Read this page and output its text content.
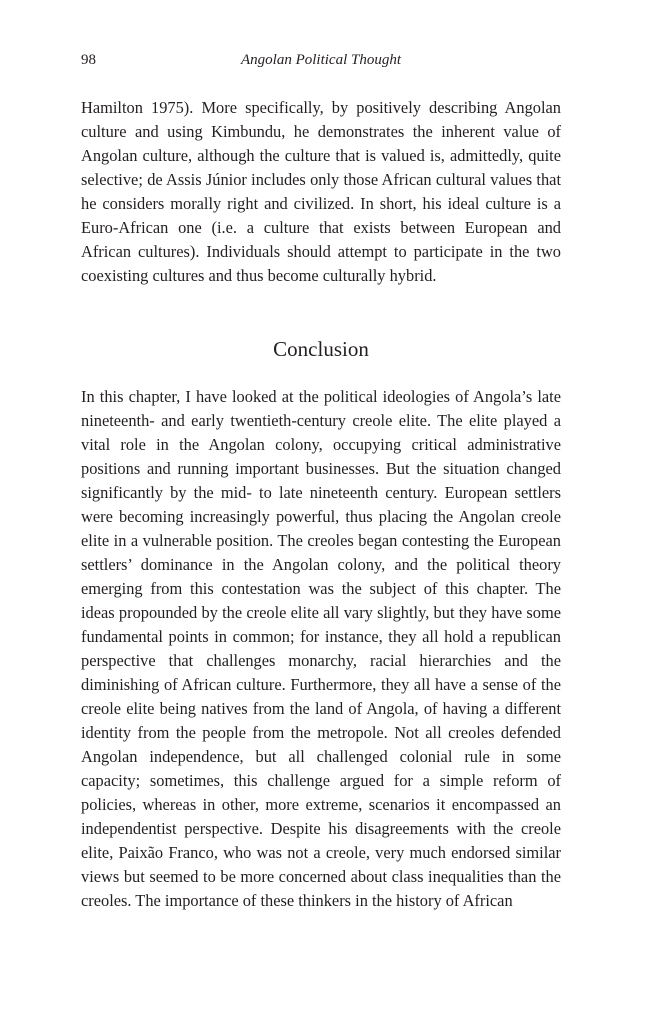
98	Angolan Political Thought

Hamilton 1975). More specifically, by positively describing Angolan culture and using Kimbundu, he demonstrates the inherent value of Angolan culture, although the culture that is valued is, admittedly, quite selective; de Assis Júnior includes only those African cultural values that he considers morally right and civilized. In short, his ideal culture is a Euro-African one (i.e. a culture that exists between European and African cultures). Individuals should attempt to participate in the two coexisting cultures and thus become culturally hybrid.

Conclusion

In this chapter, I have looked at the political ideologies of Angola’s late nineteenth- and early twentieth-century creole elite. The elite played a vital role in the Angolan colony, occupying critical administrative positions and running important businesses. But the situation changed significantly by the mid- to late nineteenth century. European settlers were becoming increasingly powerful, thus placing the Angolan creole elite in a vulnerable position. The creoles began contesting the European settlers’ dominance in the Angolan colony, and the political theory emerging from this contestation was the subject of this chapter. The ideas propounded by the creole elite all vary slightly, but they have some fundamental points in common; for instance, they all hold a republican perspective that challenges monarchy, racial hierarchies and the diminishing of African culture. Furthermore, they all have a sense of the creole elite being natives from the land of Angola, of having a different identity from the people from the metropole. Not all creoles defended Angolan independence, but all challenged colonial rule in some capacity; sometimes, this challenge argued for a simple reform of policies, whereas in other, more extreme, scenarios it encompassed an independentist perspective. Despite his disagreements with the creole elite, Paixão Franco, who was not a creole, very much endorsed similar views but seemed to be more concerned about class inequalities than the creoles. The importance of these thinkers in the history of African
